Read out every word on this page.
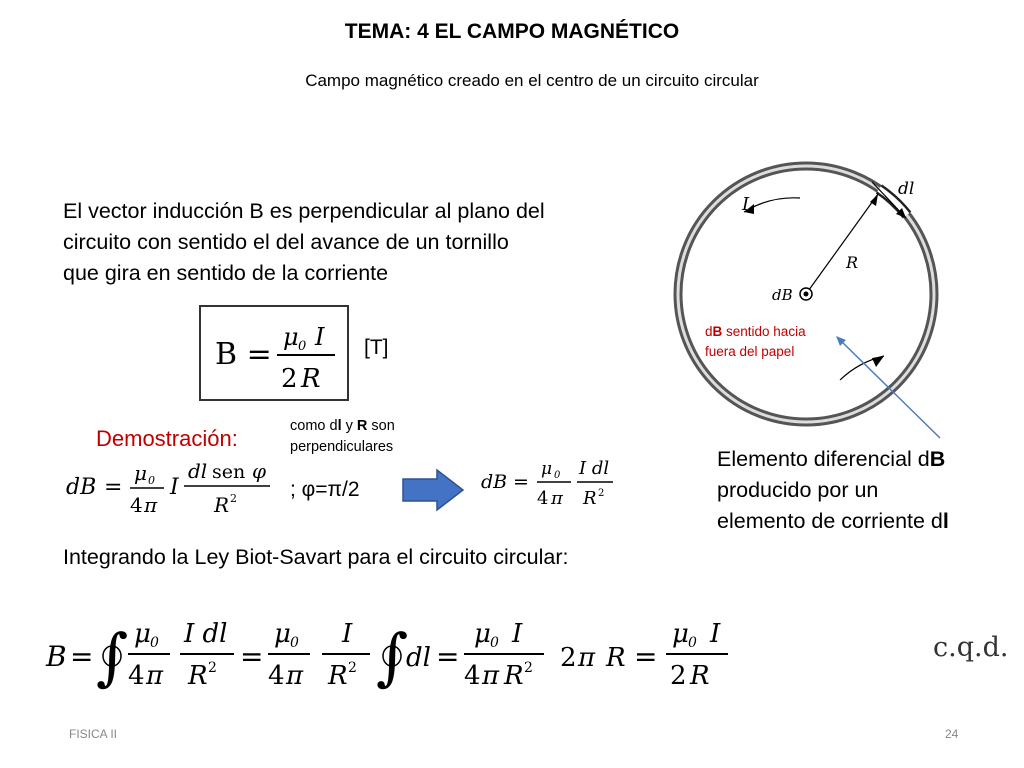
TEMA: 4 EL CAMPO MAGNÉTICO
Campo magnético creado en el centro de un circuito circular
El vector inducción B es perpendicular al plano del
circuito con sentido el del avance de un tornillo
que gira en sentido de la corriente
B = μ 0 I
2 R
[T]
Demostración:
dB =
μ 0
4 π
I
dl sen φ
R 2
como dl y R son
perpendiculares
; φ=π/2	dB =
μ 0
4 π
I dl
R 2
Integrando la Ley Biot-Savart para el circuito circular:
B = ∫ μ 0
4 π
I dl
R 2 =
μ 0
4 π
I
R 2 ∫
dl =
μ 0 I
4 π R 2 2 π R =
μ 0 I
2 R
c.q.d.
I
R
dl
dB
dB sentido hacia
fuera del papel
Elemento diferencial dB
producido por un
elemento de corriente dl
FISICA II	24
